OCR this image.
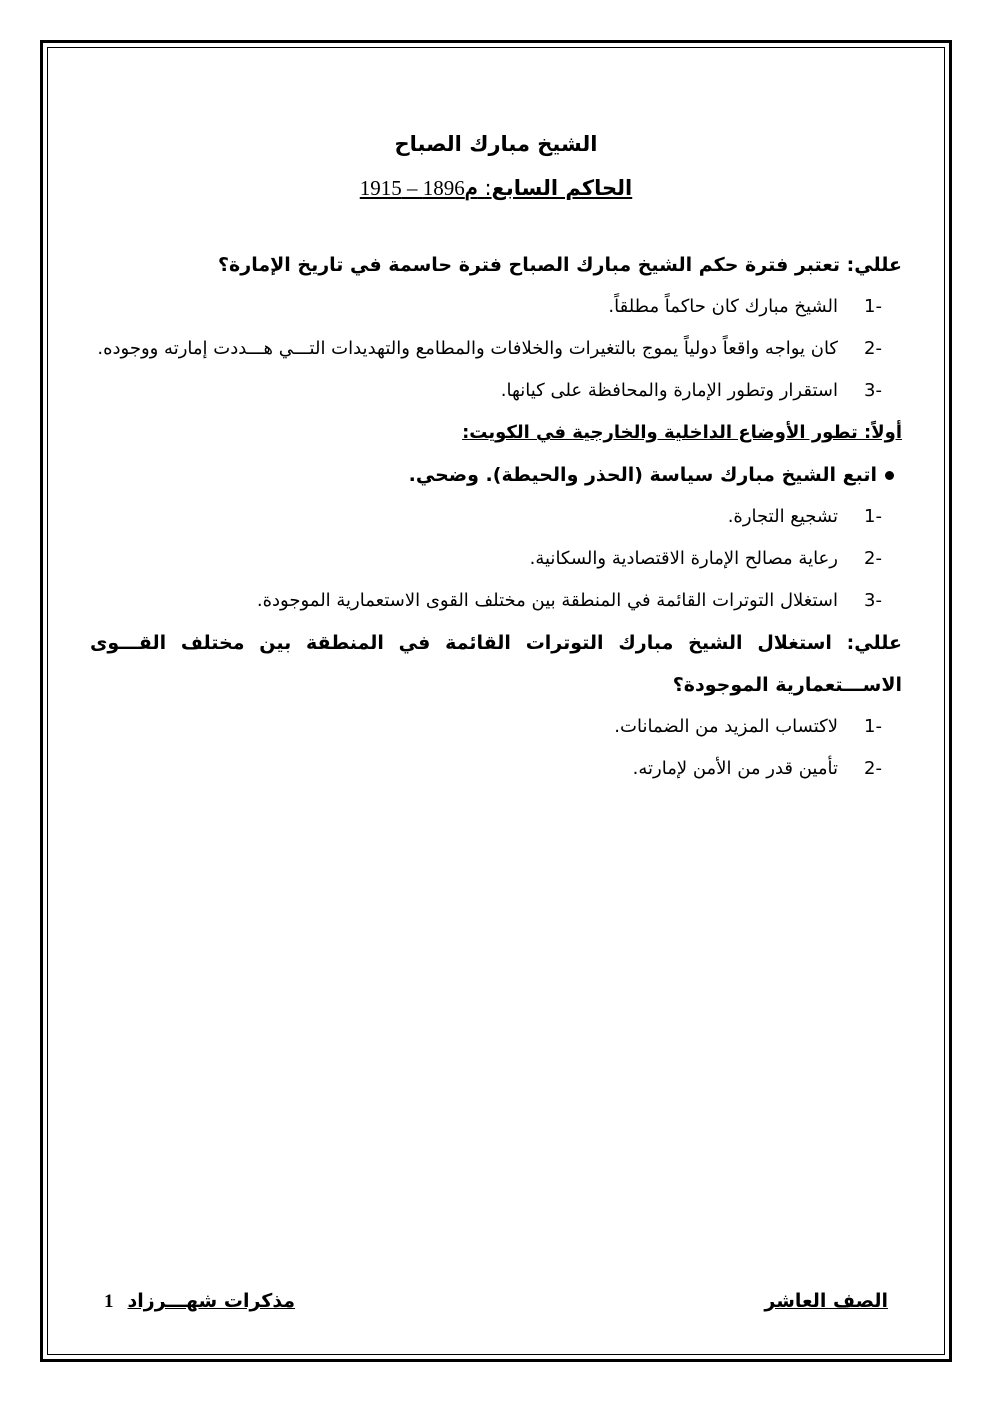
الشيخ مبارك الصباح
الحاكم السابع: 1915 – م1896

عللي: تعتبر فترة حكم الشيخ مبارك الصباح فترة حاسمة في تاريخ الإمارة؟

1-
الشيخ مبارك كان حاكماً مطلقاً.
2-
كان يواجه واقعاً دولياً يموج بالتغيرات والخلافات والمطامع والتهديدات التـــي هـــددت إمارته ووجوده.
3-
استقرار وتطور الإمارة والمحافظة على كيانها.

أولاً: تطور الأوضاع الداخلية والخارجية في الكويت:

اتبع الشيخ مبارك سياسة (الحذر والحيطة). وضحي.
1-
تشجيع التجارة.
2-
رعاية مصالح الإمارة الاقتصادية والسكانية.
3-
استغلال التوترات القائمة في المنطقة بين مختلف القوى الاستعمارية الموجودة.

عللي: استغلال الشيخ مبارك التوترات القائمة في المنطقة بين مختلف القـــوى الاســـتعمارية الموجودة؟

1-
لاكتساب المزيد من الضمانات.
2-
تأمين قدر من الأمن لإمارته.
الصف العاشر
مذكرات شهـــرزاد1
